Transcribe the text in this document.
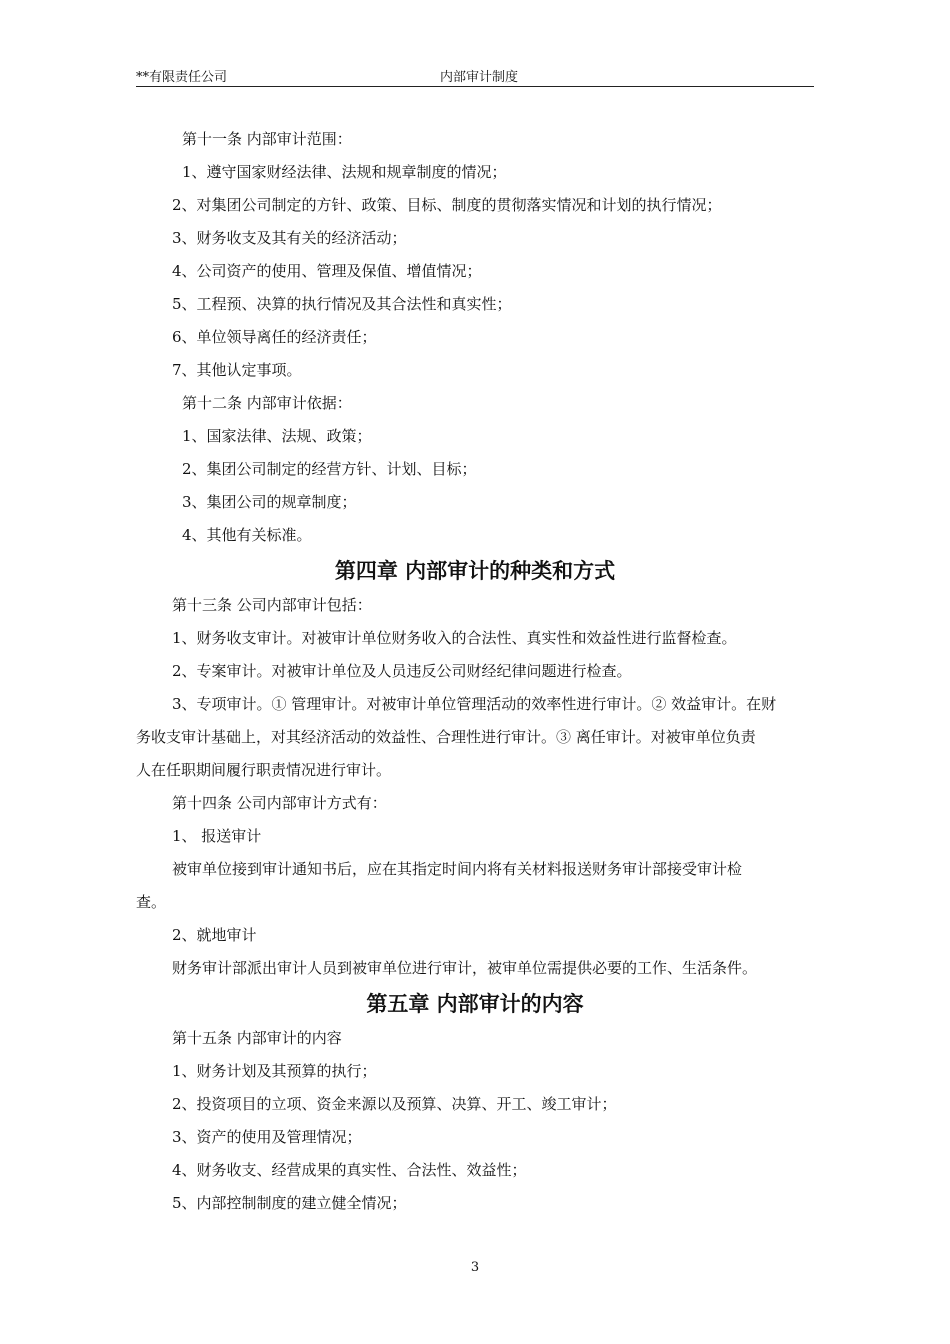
**有限责任公司	内部审计制度
第十一条 内部审计范围：
1、遵守国家财经法律、法规和规章制度的情况；
2、对集团公司制定的方针、政策、目标、制度的贯彻落实情况和计划的执行情况；
3、财务收支及其有关的经济活动；
4、公司资产的使用、管理及保值、增值情况；
5、工程预、决算的执行情况及其合法性和真实性；
6、单位领导离任的经济责任；
7、其他认定事项。
第十二条 内部审计依据：
1、国家法律、法规、政策；
2、集团公司制定的经营方针、计划、目标；
3、集团公司的规章制度；
4、其他有关标准。
第四章 内部审计的种类和方式
第十三条 公司内部审计包括：
1、财务收支审计。对被审计单位财务收入的合法性、真实性和效益性进行监督检查。
2、专案审计。对被审计单位及人员违反公司财经纪律问题进行检查。
3、专项审计。① 管理审计。对被审计单位管理活动的效率性进行审计。② 效益审计。在财
务收支审计基础上，对其经济活动的效益性、合理性进行审计。③ 离任审计。对被审单位负责
人在任职期间履行职责情况进行审计。
第十四条 公司内部审计方式有：
1、 报送审计
被审单位接到审计通知书后，应在其指定时间内将有关材料报送财务审计部接受审计检
查。
2、就地审计
财务审计部派出审计人员到被审单位进行审计，被审单位需提供必要的工作、生活条件。
第五章 内部审计的内容
第十五条 内部审计的内容
1、财务计划及其预算的执行；
2、投资项目的立项、资金来源以及预算、决算、开工、竣工审计；
3、资产的使用及管理情况；
4、财务收支、经营成果的真实性、合法性、效益性；
5、内部控制制度的建立健全情况；
3
